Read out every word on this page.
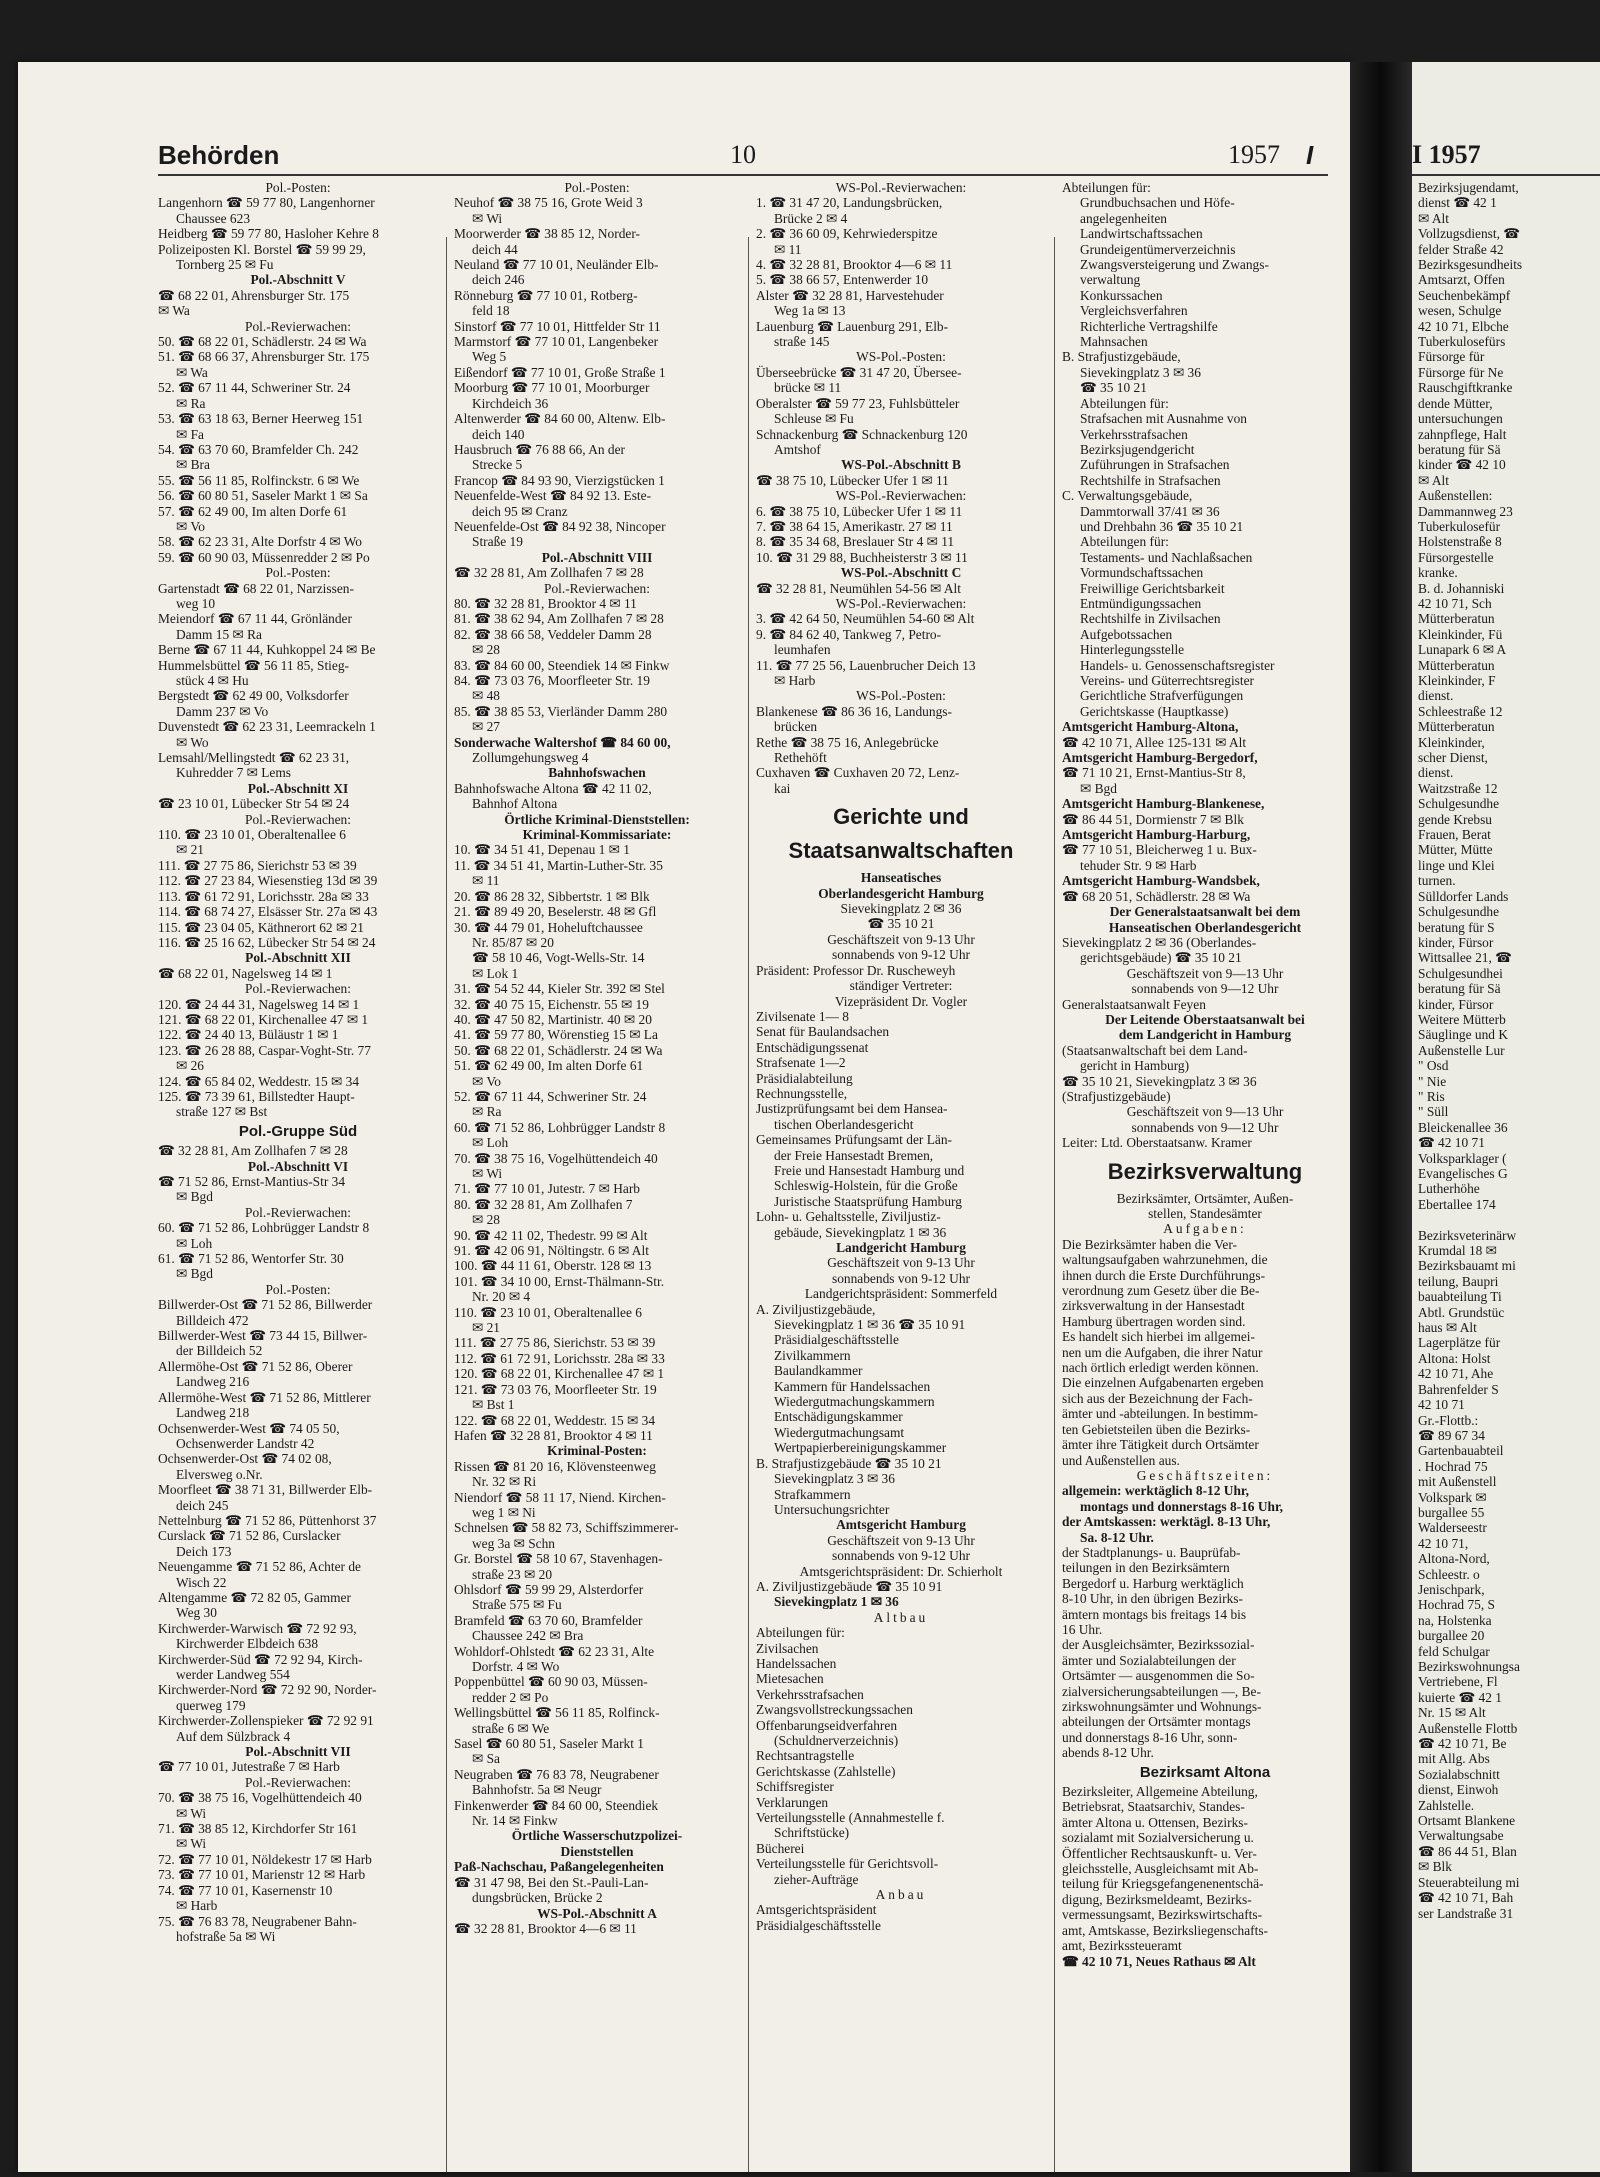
Behörden	10	1957 I
Pol.-Posten:
Langenhorn ☎ 59 77 80, Langenhorner
Chaussee 623
Heidberg ☎ 59 77 80, Hasloher Kehre 8
Polizeiposten Kl. Borstel ☎ 59 99 29,
Tornberg 25 ✉ Fu
Pol.-Abschnitt V
☎ 68 22 01, Ahrensburger Str. 175
✉ Wa
Pol.-Revierwachen:
50. ☎ 68 22 01, Schädlerstr. 24 ✉ Wa
51. ☎ 68 66 37, Ahrensburger Str. 175
✉ Wa
52. ☎ 67 11 44, Schweriner Str. 24
✉ Ra
53. ☎ 63 18 63, Berner Heerweg 151
✉ Fa
54. ☎ 63 70 60, Bramfelder Ch. 242
✉ Bra
55. ☎ 56 11 85, Rolfinckstr. 6 ✉ We
56. ☎ 60 80 51, Saseler Markt 1 ✉ Sa
57. ☎ 62 49 00, Im alten Dorfe 61
✉ Vo
58. ☎ 62 23 31, Alte Dorfstr 4 ✉ Wo
59. ☎ 60 90 03, Müssenredder 2 ✉ Po
Pol.-Posten:
Gartenstadt ☎ 68 22 01, Narzissen-
weg 10
Meiendorf ☎ 67 11 44, Grönländer
Damm 15 ✉ Ra
Berne ☎ 67 11 44, Kuhkoppel 24 ✉ Be
Hummelsbüttel ☎ 56 11 85, Stieg-
stück 4 ✉ Hu
Bergstedt ☎ 62 49 00, Volksdorfer
Damm 237 ✉ Vo
Duvenstedt ☎ 62 23 31, Leemrackeln 1
✉ Wo
Lemsahl/Mellingstedt ☎ 62 23 31,
Kuhredder 7 ✉ Lems
Pol.-Abschnitt XI
☎ 23 10 01, Lübecker Str 54 ✉ 24
Pol.-Revierwachen:
110. ☎ 23 10 01, Oberaltenallee 6
✉ 21
111. ☎ 27 75 86, Sierichstr 53 ✉ 39
112. ☎ 27 23 84, Wiesenstieg 13d ✉ 39
113. ☎ 61 72 91, Lorichsstr. 28a ✉ 33
114. ☎ 68 74 27, Elsässer Str. 27a ✉ 43
115. ☎ 23 04 05, Käthnerort 62 ✉ 21
116. ☎ 25 16 62, Lübecker Str 54 ✉ 24
Pol.-Abschnitt XII
☎ 68 22 01, Nagelsweg 14 ✉ 1
Pol.-Revierwachen:
120. ☎ 24 44 31, Nagelsweg 14 ✉ 1
121. ☎ 68 22 01, Kirchenallee 47 ✉ 1
122. ☎ 24 40 13, Büläustr 1 ✉ 1
123. ☎ 26 28 88, Caspar-Voght-Str. 77
✉ 26
124. ☎ 65 84 02, Weddestr. 15 ✉ 34
125. ☎ 73 39 61, Billstedter Haupt-
straße 127 ✉ Bst
Pol.-Gruppe Süd
☎ 32 28 81, Am Zollhafen 7 ✉ 28
Pol.-Abschnitt VI
☎ 71 52 86, Ernst-Mantius-Str 34
✉ Bgd
Pol.-Revierwachen:
60. ☎ 71 52 86, Lohbrügger Landstr 8
✉ Loh
61. ☎ 71 52 86, Wentorfer Str. 30
✉ Bgd
Pol.-Posten:
Billwerder-Ost ☎ 71 52 86, Billwerder
Billdeich 472
Billwerder-West ☎ 73 44 15, Billwer-
der Billdeich 52
Allermöhe-Ost ☎ 71 52 86, Oberer
Landweg 216
Allermöhe-West ☎ 71 52 86, Mittlerer
Landweg 218
Ochsenwerder-West ☎ 74 05 50,
Ochsenwerder Landstr 42
Ochsenwerder-Ost ☎ 74 02 08,
Elversweg o.Nr.
Moorfleet ☎ 38 71 31, Billwerder Elb-
deich 245
Nettelnburg ☎ 71 52 86, Püttenhorst 37
Curslack ☎ 71 52 86, Curslacker
Deich 173
Neuengamme ☎ 71 52 86, Achter de
Wisch 22
Altengamme ☎ 72 82 05, Gammer
Weg 30
Kirchwerder-Warwisch ☎ 72 92 93,
Kirchwerder Elbdeich 638
Kirchwerder-Süd ☎ 72 92 94, Kirch-
werder Landweg 554
Kirchwerder-Nord ☎ 72 92 90, Norder-
querweg 179
Kirchwerder-Zollenspieker ☎ 72 92 91
Auf dem Sülzbrack 4
Pol.-Abschnitt VII
☎ 77 10 01, Jutestraße 7 ✉ Harb
Pol.-Revierwachen:
70. ☎ 38 75 16, Vogelhüttendeich 40
✉ Wi
71. ☎ 38 85 12, Kirchdorfer Str 161
✉ Wi
72. ☎ 77 10 01, Nöldekestr 17 ✉ Harb
73. ☎ 77 10 01, Marienstr 12 ✉ Harb
74. ☎ 77 10 01, Kasernenstr 10
✉ Harb
75. ☎ 76 83 78, Neugrabener Bahn-
hofstraße 5a ✉ Wi
Pol.-Posten:
Neuhof ☎ 38 75 16, Grote Weid 3
✉ Wi
Moorwerder ☎ 38 85 12, Norder-
deich 44
Neuland ☎ 77 10 01, Neuländer Elb-
deich 246
Rönneburg ☎ 77 10 01, Rotberg-
feld 18
Sinstorf ☎ 77 10 01, Hittfelder Str 11
Marmstorf ☎ 77 10 01, Langenbeker
Weg 5
Eißendorf ☎ 77 10 01, Große Straße 1
Moorburg ☎ 77 10 01, Moorburger
Kirchdeich 36
Altenwerder ☎ 84 60 00, Altenw. Elb-
deich 140
Hausbruch ☎ 76 88 66, An der
Strecke 5
Francop ☎ 84 93 90, Vierzigstücken 1
Neuenfelde-West ☎ 84 92 13. Este-
deich 95 ✉ Cranz
Neuenfelde-Ost ☎ 84 92 38, Nincoper
Straße 19
Pol.-Abschnitt VIII
☎ 32 28 81, Am Zollhafen 7 ✉ 28
Pol.-Revierwachen:
80. ☎ 32 28 81, Brooktor 4 ✉ 11
81. ☎ 38 62 94, Am Zollhafen 7 ✉ 28
82. ☎ 38 66 58, Veddeler Damm 28
✉ 28
83. ☎ 84 60 00, Steendiek 14 ✉ Finkw
84. ☎ 73 03 76, Moorfleeter Str. 19
✉ 48
85. ☎ 38 85 53, Vierländer Damm 280
✉ 27
Sonderwache Waltershof ☎ 84 60 00,
Zollumgehungsweg 4
Bahnhofswachen
Bahnhofswache Altona ☎ 42 11 02,
Bahnhof Altona
Örtliche Kriminal-Dienststellen:
Kriminal-Kommissariate:
10. ☎ 34 51 41, Depenau 1 ✉ 1
11. ☎ 34 51 41, Martin-Luther-Str. 35
✉ 11
20. ☎ 86 28 32, Sibbertstr. 1 ✉ Blk
21. ☎ 89 49 20, Beselerstr. 48 ✉ Gfl
30. ☎ 44 79 01, Hoheluftchaussee
Nr. 85/87 ✉ 20
☎ 58 10 46, Vogt-Wells-Str. 14
✉ Lok 1
31. ☎ 54 52 44, Kieler Str. 392 ✉ Stel
32. ☎ 40 75 15, Eichenstr. 55 ✉ 19
40. ☎ 47 50 82, Martinistr. 40 ✉ 20
41. ☎ 59 77 80, Wörenstieg 15 ✉ La
50. ☎ 68 22 01, Schädlerstr. 24 ✉ Wa
51. ☎ 62 49 00, Im alten Dorfe 61
✉ Vo
52. ☎ 67 11 44, Schweriner Str. 24
✉ Ra
60. ☎ 71 52 86, Lohbrügger Landstr 8
✉ Loh
70. ☎ 38 75 16, Vogelhüttendeich 40
✉ Wi
71. ☎ 77 10 01, Jutestr. 7 ✉ Harb
80. ☎ 32 28 81, Am Zollhafen 7
✉ 28
90. ☎ 42 11 02, Thedestr. 99 ✉ Alt
91. ☎ 42 06 91, Nöltingstr. 6 ✉ Alt
100. ☎ 44 11 61, Oberstr. 128 ✉ 13
101. ☎ 34 10 00, Ernst-Thälmann-Str.
Nr. 20 ✉ 4
110. ☎ 23 10 01, Oberaltenallee 6
✉ 21
111. ☎ 27 75 86, Sierichstr. 53 ✉ 39
112. ☎ 61 72 91, Lorichsstr. 28a ✉ 33
120. ☎ 68 22 01, Kirchenallee 47 ✉ 1
121. ☎ 73 03 76, Moorfleeter Str. 19
✉ Bst 1
122. ☎ 68 22 01, Weddestr. 15 ✉ 34
Hafen ☎ 32 28 81, Brooktor 4 ✉ 11
Kriminal-Posten:
Rissen ☎ 81 20 16, Klövensteenweg
Nr. 32 ✉ Ri
Niendorf ☎ 58 11 17, Niend. Kirchen-
weg 1 ✉ Ni
Schnelsen ☎ 58 82 73, Schiffszimmerer-
weg 3a ✉ Schn
Gr. Borstel ☎ 58 10 67, Stavenhagen-
straße 23 ✉ 20
Ohlsdorf ☎ 59 99 29, Alsterdorfer
Straße 575 ✉ Fu
Bramfeld ☎ 63 70 60, Bramfelder
Chaussee 242 ✉ Bra
Wohldorf-Ohlstedt ☎ 62 23 31, Alte
Dorfstr. 4 ✉ Wo
Poppenbüttel ☎ 60 90 03, Müssen-
redder 2 ✉ Po
Wellingsbüttel ☎ 56 11 85, Rolfinck-
straße 6 ✉ We
Sasel ☎ 60 80 51, Saseler Markt 1
✉ Sa
Neugraben ☎ 76 83 78, Neugrabener
Bahnhofstr. 5a ✉ Neugr
Finkenwerder ☎ 84 60 00, Steendiek
Nr. 14 ✉ Finkw
Örtliche Wasserschutzpolizei-
Dienststellen
Paß-Nachschau, Paßangelegenheiten
☎ 31 47 98, Bei den St.-Pauli-Lan-
dungsbrücken, Brücke 2
WS-Pol.-Abschnitt A
☎ 32 28 81, Brooktor 4—6 ✉ 11
WS-Pol.-Revierwachen:
1. ☎ 31 47 20, Landungsbrücken,
Brücke 2 ✉ 4
2. ☎ 36 60 09, Kehrwiederspitze
✉ 11
4. ☎ 32 28 81, Brooktor 4—6 ✉ 11
5. ☎ 38 66 57, Entenwerder 10
Alster ☎ 32 28 81, Harvestehuder
Weg 1a ✉ 13
Lauenburg ☎ Lauenburg 291, Elb-
straße 145
WS-Pol.-Posten:
Überseebrücke ☎ 31 47 20, Übersee-
brücke ✉ 11
Oberalster ☎ 59 77 23, Fuhlsbütteler
Schleuse ✉ Fu
Schnackenburg ☎ Schnackenburg 120
Amtshof
WS-Pol.-Abschnitt B
☎ 38 75 10, Lübecker Ufer 1 ✉ 11
WS-Pol.-Revierwachen:
6. ☎ 38 75 10, Lübecker Ufer 1 ✉ 11
7. ☎ 38 64 15, Amerikastr. 27 ✉ 11
8. ☎ 35 34 68, Breslauer Str 4 ✉ 11
10. ☎ 31 29 88, Buchheisterstr 3 ✉ 11
WS-Pol.-Abschnitt C
☎ 32 28 81, Neumühlen 54-56 ✉ Alt
WS-Pol.-Revierwachen:
3. ☎ 42 64 50, Neumühlen 54-60 ✉ Alt
9. ☎ 84 62 40, Tankweg 7, Petro-
leumhafen
11. ☎ 77 25 56, Lauenbrucher Deich 13
✉ Harb
WS-Pol.-Posten:
Blankenese ☎ 86 36 16, Landungs-
brücken
Rethe ☎ 38 75 16, Anlegebrücke
Rethehöft
Cuxhaven ☎ Cuxhaven 20 72, Lenz-
kai
Gerichte und
Staatsanwaltschaften
Hanseatisches
Oberlandesgericht Hamburg
Sievekingplatz 2 ✉ 36
☎ 35 10 21
Geschäftszeit von 9-13 Uhr
sonnabends von 9-12 Uhr
Präsident: Professor Dr. Ruscheweyh
ständiger Vertreter:
Vizepräsident Dr. Vogler
Zivilsenate 1— 8
Senat für Baulandsachen
Entschädigungssenat
Strafsenate 1—2
Präsidialabteilung
Rechnungsstelle,
Justizprüfungsamt bei dem Hansea-
tischen Oberlandesgericht
Gemeinsames Prüfungsamt der Län-
der Freie Hansestadt Bremen,
Freie und Hansestadt Hamburg und
Schleswig-Holstein, für die Große
Juristische Staatsprüfung Hamburg
Lohn- u. Gehaltsstelle, Ziviljustiz-
gebäude, Sievekingplatz 1 ✉ 36
Landgericht Hamburg
Geschäftszeit von 9-13 Uhr
sonnabends von 9-12 Uhr
Landgerichtspräsident: Sommerfeld
A. Ziviljustizgebäude,
Sievekingplatz 1 ✉ 36 ☎ 35 10 91
Präsidialgeschäftsstelle
Zivilkammern
Baulandkammer
Kammern für Handelssachen
Wiedergutmachungskammern
Entschädigungskammer
Wiedergutmachungsamt
Wertpapierbereinigungskammer
B. Strafjustizgebäude ☎ 35 10 21
Sievekingplatz 3 ✉ 36
Strafkammern
Untersuchungsrichter
Amtsgericht Hamburg
Geschäftszeit von 9-13 Uhr
sonnabends von 9-12 Uhr
Amtsgerichtspräsident: Dr. Schierholt
A. Ziviljustizgebäude ☎ 35 10 91
Sievekingplatz 1 ✉ 36
Altbau
Abteilungen für:
Zivilsachen
Handelssachen
Mietesachen
Verkehrsstrafsachen
Zwangsvollstreckungssachen
Offenbarungseidverfahren
(Schuldnerverzeichnis)
Rechtsantragstelle
Gerichtskasse (Zahlstelle)
Schiffsregister
Verklarungen
Verteilungsstelle (Annahmestelle f.
Schriftstücke)
Bücherei
Verteilungsstelle für Gerichtsvoll-
zieher-Aufträge
Anbau
Amtsgerichtspräsident
Präsidialgeschäftsstelle
Abteilungen für:
Grundbuchsachen und Höfe-
angelegenheiten
Landwirtschaftssachen
Grundeigentümerverzeichnis
Zwangsversteigerung und Zwangs-
verwaltung
Konkurssachen
Vergleichsverfahren
Richterliche Vertragshilfe
Mahnsachen
B. Strafjustizgebäude,
Sievekingplatz 3 ✉ 36
☎ 35 10 21
Abteilungen für:
Strafsachen mit Ausnahme von
Verkehrsstrafsachen
Bezirksjugendgericht
Zuführungen in Strafsachen
Rechtshilfe in Strafsachen
C. Verwaltungsgebäude,
Dammtorwall 37/41 ✉ 36
und Drehbahn 36 ☎ 35 10 21
Abteilungen für:
Testaments- und Nachlaßsachen
Vormundschaftssachen
Freiwillige Gerichtsbarkeit
Entmündigungssachen
Rechtshilfe in Zivilsachen
Aufgebotssachen
Hinterlegungsstelle
Handels- u. Genossenschaftsregister
Vereins- und Güterrechtsregister
Gerichtliche Strafverfügungen
Gerichtskasse (Hauptkasse)
Amtsgericht Hamburg-Altona,
☎ 42 10 71, Allee 125-131 ✉ Alt
Amtsgericht Hamburg-Bergedorf,
☎ 71 10 21, Ernst-Mantius-Str 8,
✉ Bgd
Amtsgericht Hamburg-Blankenese,
☎ 86 44 51, Dormienstr 7 ✉ Blk
Amtsgericht Hamburg-Harburg,
☎ 77 10 51, Bleicherweg 1 u. Bux-
tehuder Str. 9 ✉ Harb
Amtsgericht Hamburg-Wandsbek,
☎ 68 20 51, Schädlerstr. 28 ✉ Wa
Der Generalstaatsanwalt bei dem
Hanseatischen Oberlandesgericht
Sievekingplatz 2 ✉ 36 (Oberlandes-
gerichtsgebäude) ☎ 35 10 21
Geschäftszeit von 9—13 Uhr
sonnabends von 9—12 Uhr
Generalstaatsanwalt Feyen
Der Leitende Oberstaatsanwalt bei
dem Landgericht in Hamburg
(Staatsanwaltschaft bei dem Land-
gericht in Hamburg)
☎ 35 10 21, Sievekingplatz 3 ✉ 36
(Strafjustizgebäude)
Geschäftszeit von 9—13 Uhr
sonnabends von 9—12 Uhr
Leiter: Ltd. Oberstaatsanw. Kramer
Bezirksverwaltung
Bezirksämter, Ortsämter, Außen-
stellen, Standesämter
Aufgaben:
Die Bezirksämter haben die Ver-
waltungsaufgaben wahrzunehmen, die
ihnen durch die Erste Durchführungs-
verordnung zum Gesetz über die Be-
zirksverwaltung in der Hansestadt
Hamburg übertragen worden sind.
Es handelt sich hierbei im allgemei-
nen um die Aufgaben, die ihrer Natur
nach örtlich erledigt werden können.
Die einzelnen Aufgabenarten ergeben
sich aus der Bezeichnung der Fach-
ämter und -abteilungen. In bestimm-
ten Gebietsteilen üben die Bezirks-
ämter ihre Tätigkeit durch Ortsämter
und Außenstellen aus.
Geschäftszeiten:
allgemein: werktäglich 8-12 Uhr,
montags und donnerstags 8-16 Uhr,
der Amtskassen: werktägl. 8-13 Uhr,
Sa. 8-12 Uhr.
der Stadtplanungs- u. Bauprüfab-
teilungen in den Bezirksämtern
Bergedorf u. Harburg werktäglich
8-10 Uhr, in den übrigen Bezirks-
ämtern montags bis freitags 14 bis
16 Uhr.
der Ausgleichsämter, Bezirkssozial-
ämter und Sozialabteilungen der
Ortsämter — ausgenommen die So-
zialversicherungsabteilungen —, Be-
zirkswohnungsämter und Wohnungs-
abteilungen der Ortsämter montags
und donnerstags 8-16 Uhr, sonn-
abends 8-12 Uhr.
Bezirksamt Altona
Bezirksleiter, Allgemeine Abteilung,
Betriebsrat, Staatsarchiv, Standes-
ämter Altona u. Ottensen, Bezirks-
sozialamt mit Sozialversicherung u.
Öffentlicher Rechtsauskunft- u. Ver-
gleichsstelle, Ausgleichsamt mit Ab-
teilung für Kriegsgefangenenentschä-
digung, Bezirksmeldeamt, Bezirks-
vermessungsamt, Bezirkswirtschafts-
amt, Amtskasse, Bezirksliegenschafts-
amt, Bezirkssteueramt
☎ 42 10 71, Neues Rathaus ✉ Alt
I 1957
Bezirksjugendamt,
dienst ☎ 42 1
✉ Alt
Vollzugsdienst, ☎
felder Straße 42
Bezirksgesundheits
Amtsarzt, Offen
Seuchenbekämpf
wesen, Schulge
42 10 71, Elbche
Tuberkulosefürs
Fürsorge für
Fürsorge für Ne
Rauschgiftkranke
dende Mütter,
untersuchungen
zahnpflege, Halt
beratung für Sä
kinder ☎ 42 10
✉ Alt
Außenstellen:
Dammannweg 23
Tuberkulosefür
Holstenstraße 8
Fürsorgestelle
kranke.
B. d. Johanniski
42 10 71, Sch
Mütterberatun
Kleinkinder, Fü
Lunapark 6 ✉ A
Mütterberatun
Kleinkinder, F
dienst.
Schleestraße 12
Mütterberatun
Kleinkinder,
scher Dienst,
dienst.
Waitzstraße 12
Schulgesundhe
gende Krebsu
Frauen, Berat
Mütter, Mütte
linge und Klei
turnen.
Sülldorfer Lands
Schulgesundhe
beratung für S
kinder, Fürsor
Wittsallee 21, ☎
Schulgesundhei
beratung für Sä
kinder, Fürsor
Weitere Mütterb
Säuglinge und K
Außenstelle Lur
" Osd
" Nie
" Ris
" Süll
Bleickenallee 36
☎ 42 10 71
Volksparklager (
Evangelisches G
Lutherhöhe
Ebertallee 174

Bezirksveterinärw
Krumdal 18 ✉
Bezirksbauamt mi
teilung, Baupri
bauabteilung Ti
Abtl. Grundstüc
haus ✉ Alt
Lagerplätze für
Altona: Holst
42 10 71, Ahe
Bahrenfelder S
42 10 71
Gr.-Flottb.:
☎ 89 67 34
Gartenbauabteil
. Hochrad 75
mit Außenstell
Volkspark ✉
burgallee 55
Walderseestr
42 10 71,
Altona-Nord,
Schleestr. o
Jenischpark,
Hochrad 75, S
na, Holstenka
burgallee 20
feld Schulgar
Bezirkswohnungsa
Vertriebene, Fl
kuierte ☎ 42 1
Nr. 15 ✉ Alt
Außenstelle Flottb
☎ 42 10 71, Be
mit Allg. Abs
Sozialabschnitt
dienst, Einwoh
Zahlstelle.
Ortsamt Blankene
Verwaltungsabe
☎ 86 44 51, Blan
✉ Blk
Steuerabteilung mi
☎ 42 10 71, Bah
ser Landstraße 31
